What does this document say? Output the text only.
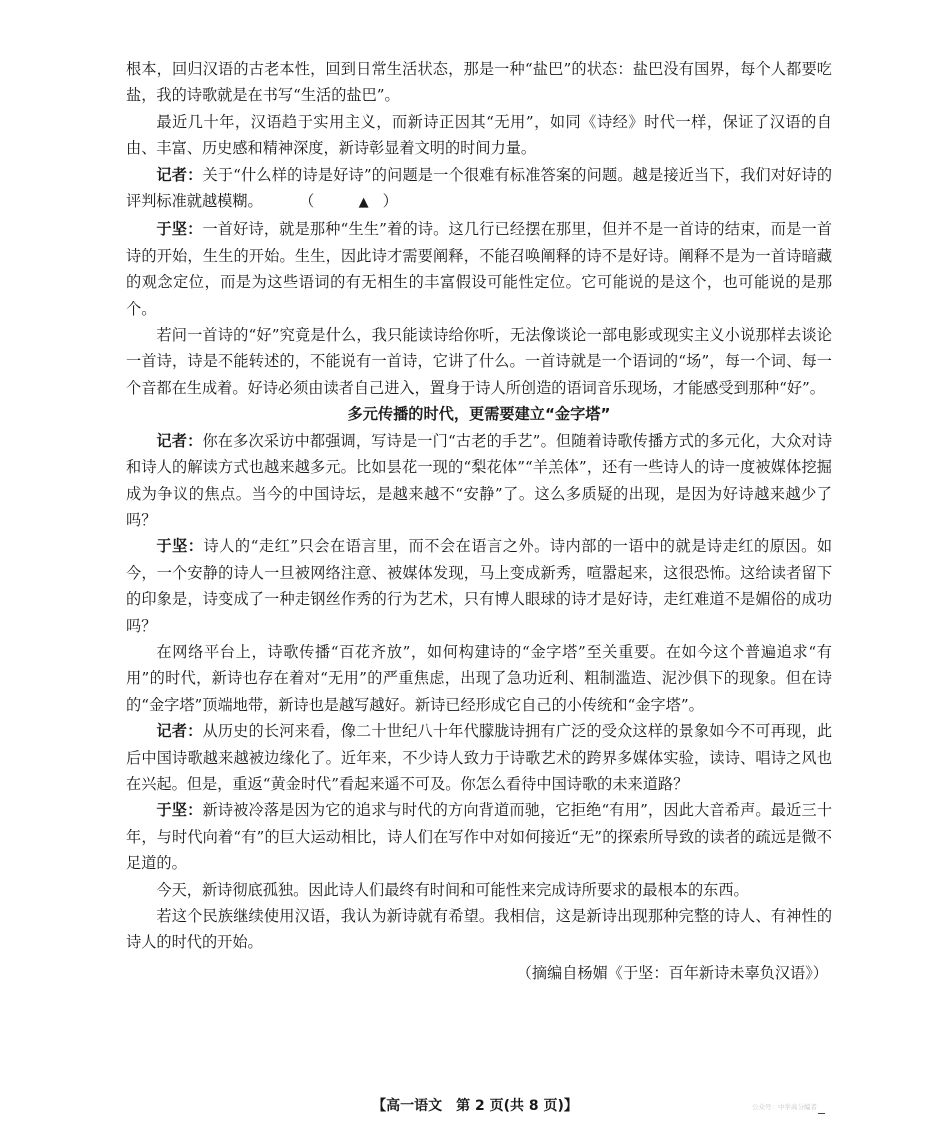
根本，回归汉语的古老本性，回到日常生活状态，那是一种“盐巴”的状态：盐巴没有国界，每个人都要吃盐，我的诗歌就是在书写“生活的盐巴”。

最近几十年，汉语趋于实用主义，而新诗正因其“无用”，如同《诗经》时代一样，保证了汉语的自由、丰富、历史感和精神深度，新诗彰显着文明的时间力量。

记者：关于“什么样的诗是好诗”的问题是一个很难有标准答案的问题。越是接近当下，我们对好诗的评判标准就越模糊。 （	▲ ）

于坚：一首好诗，就是那种“生生”着的诗。这几行已经摆在那里，但并不是一首诗的结束，而是一首诗的开始，生生的开始。生生，因此诗才需要阐释，不能召唤阐释的诗不是好诗。阐释不是为一首诗暗藏的观念定位，而是为这些语词的有无相生的丰富假设可能性定位。它可能说的是这个，也可能说的是那个。

若问一首诗的“好”究竟是什么，我只能读诗给你听，无法像谈论一部电影或现实主义小说那样去谈论一首诗，诗是不能转述的，不能说有一首诗，它讲了什么。一首诗就是一个语词的“场”，每一个词、每一个音都在生成着。好诗必须由读者自己进入，置身于诗人所创造的语词音乐现场，才能感受到那种“好”。

多元传播的时代，更需要建立“金字塔”

记者：你在多次采访中都强调，写诗是一门“古老的手艺”。但随着诗歌传播方式的多元化，大众对诗和诗人的解读方式也越来越多元。比如昙花一现的“梨花体”“羊羔体”，还有一些诗人的诗一度被媒体挖掘成为争议的焦点。当今的中国诗坛，是越来越不“安静”了。这么多质疑的出现，是因为好诗越来越少了吗？

于坚：诗人的“走红”只会在语言里，而不会在语言之外。诗内部的一语中的就是诗走红的原因。如今，一个安静的诗人一旦被网络注意、被媒体发现，马上变成新秀，喧嚣起来，这很恐怖。这给读者留下的印象是，诗变成了一种走钢丝作秀的行为艺术，只有博人眼球的诗才是好诗，走红难道不是媚俗的成功吗？

在网络平台上，诗歌传播“百花齐放”，如何构建诗的“金字塔”至关重要。在如今这个普遍追求“有用”的时代，新诗也存在着对“无用”的严重焦虑，出现了急功近利、粗制滥造、泥沙俱下的现象。但在诗的“金字塔”顶端地带，新诗也是越写越好。新诗已经形成它自己的小传统和“金字塔”。

记者：从历史的长河来看，像二十世纪八十年代朦胧诗拥有广泛的受众这样的景象如今不可再现，此后中国诗歌越来越被边缘化了。近年来，不少诗人致力于诗歌艺术的跨界多媒体实验，读诗、唱诗之风也在兴起。但是，重返“黄金时代”看起来遥不可及。你怎么看待中国诗歌的未来道路？

于坚：新诗被冷落是因为它的追求与时代的方向背道而驰，它拒绝“有用”，因此大音希声。最近三十年，与时代向着“有”的巨大运动相比，诗人们在写作中对如何接近“无”的探索所导致的读者的疏远是微不足道的。

今天，新诗彻底孤独。因此诗人们最终有时间和可能性来完成诗所要求的最根本的东西。

若这个民族继续使用汉语，我认为新诗就有希望。我相信，这是新诗出现那种完整的诗人、有神性的诗人的时代的开始。

（摘编自杨媚《于坚：百年新诗未辜负汉语》）

【高一语文　第 2 页(共 8 页)】	公众号：中学高分编者
